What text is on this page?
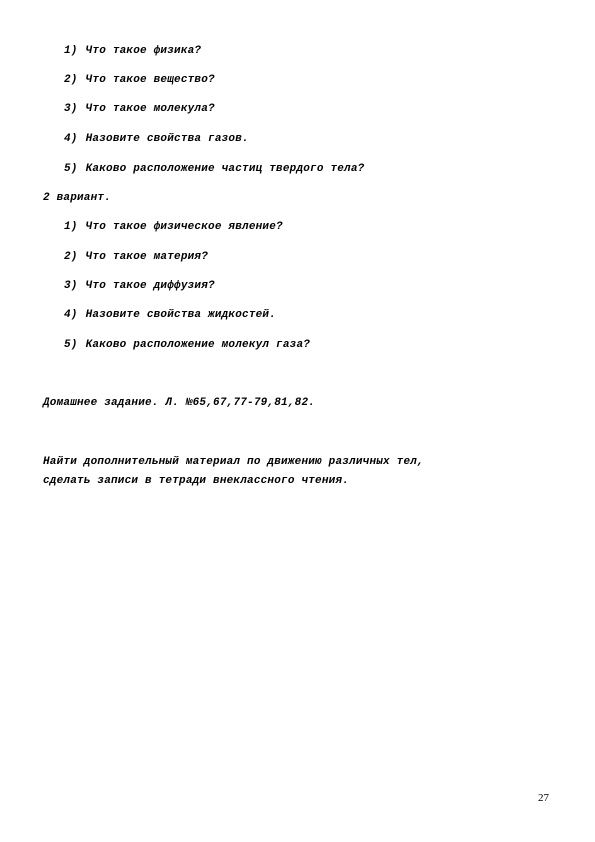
1) Что такое физика?
2) Что такое вещество?
3) Что такое молекула?
4) Назовите свойства газов.
5) Каково расположение частиц твердого тела?
2 вариант.
1) Что такое физическое явление?
2) Что такое материя?
3) Что такое диффузия?
4) Назовите свойства жидкостей.
5) Каково расположение молекул газа?
Домашнее задание. Л. №65,67,77-79,81,82.
Найти дополнительный материал по движению различных тел,
сделать записи в тетради внеклассного чтения.
27
